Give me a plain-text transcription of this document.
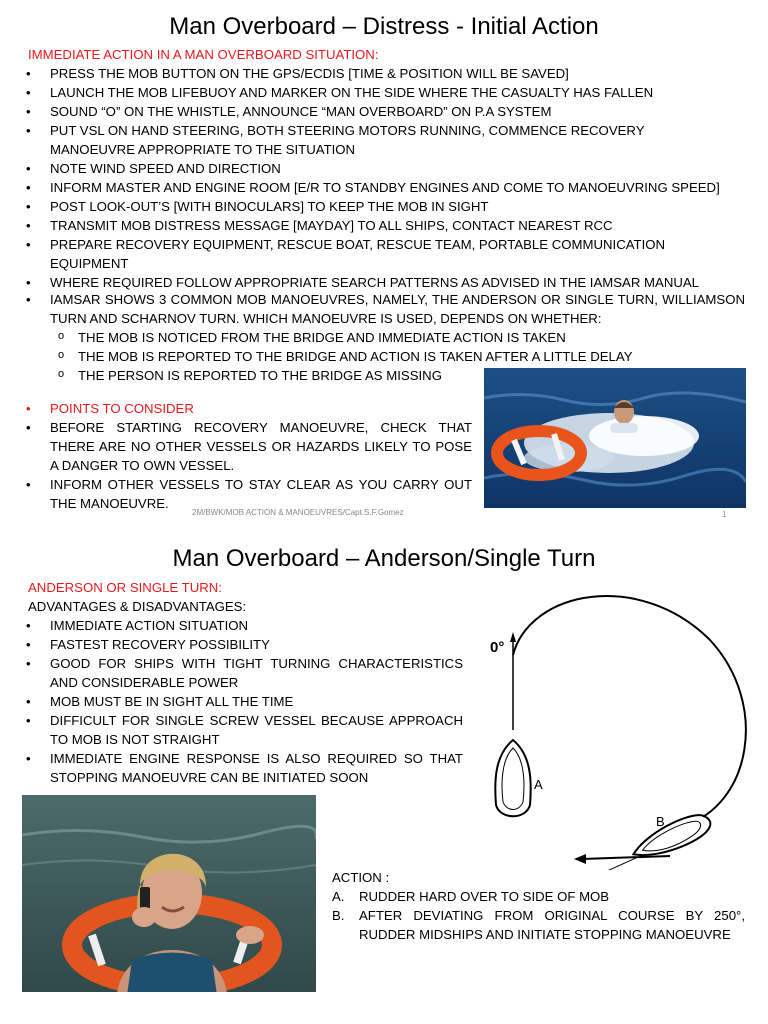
Man Overboard – Distress - Initial Action
IMMEDIATE ACTION IN A MAN OVERBOARD SITUATION:
• PRESS THE MOB BUTTON ON THE GPS/ECDIS [TIME & POSITION WILL BE SAVED]
• LAUNCH THE MOB LIFEBUOY AND MARKER ON THE SIDE WHERE THE CASUALTY HAS FALLEN
• SOUND “O” ON THE WHISTLE, ANNOUNCE “MAN OVERBOARD” ON P.A SYSTEM
• PUT VSL ON HAND STEERING, BOTH STEERING MOTORS RUNNING, COMMENCE RECOVERY MANOEUVRE APPROPRIATE TO THE SITUATION
• NOTE WIND SPEED AND DIRECTION
• INFORM MASTER AND ENGINE ROOM [E/R TO STANDBY ENGINES AND COME TO MANOEUVRING SPEED]
• POST LOOK-OUT’S [WITH BINOCULARS] TO KEEP THE MOB IN SIGHT
• TRANSMIT MOB DISTRESS MESSAGE [MAYDAY] TO ALL SHIPS, CONTACT NEAREST RCC
• PREPARE RECOVERY EQUIPMENT, RESCUE BOAT, RESCUE TEAM, PORTABLE COMMUNICATION EQUIPMENT
• WHERE REQUIRED FOLLOW APPROPRIATE SEARCH PATTERNS AS ADVISED IN THE IAMSAR MANUAL
• IAMSAR SHOWS 3 COMMON MOB MANOEUVRES, NAMELY, THE ANDERSON OR SINGLE TURN, WILLIAMSON TURN AND SCHARNOV TURN. WHICH MANOEUVRE IS USED, DEPENDS ON WHETHER:
o THE MOB IS NOTICED FROM THE BRIDGE AND IMMEDIATE ACTION IS TAKEN
o THE MOB IS REPORTED TO THE BRIDGE AND ACTION IS TAKEN AFTER A LITTLE DELAY
o THE PERSON IS REPORTED TO THE BRIDGE AS MISSING
• POINTS TO CONSIDER
• BEFORE STARTING RECOVERY MANOEUVRE, CHECK THAT THERE ARE NO OTHER VESSELS OR HAZARDS LIKELY TO POSE A DANGER TO OWN VESSEL.
• INFORM OTHER VESSELS TO STAY CLEAR AS YOU CARRY OUT THE MANOEUVRE.
2M/BWK/MOB ACTION & MANOEUVRES/Capt.S.F.Gomez	1
Man Overboard – Anderson/Single Turn
ANDERSON OR SINGLE TURN:
ADVANTAGES & DISADVANTAGES:
• IMMEDIATE ACTION SITUATION
• FASTEST RECOVERY POSSIBILITY
• GOOD FOR SHIPS WITH TIGHT TURNING CHARACTERISTICS AND CONSIDERABLE POWER
• MOB MUST BE IN SIGHT ALL THE TIME
• DIFFICULT FOR SINGLE SCREW VESSEL BECAUSE APPROACH TO MOB IS NOT STRAIGHT
• IMMEDIATE ENGINE RESPONSE IS ALSO REQUIRED SO THAT STOPPING MANOEUVRE CAN BE INITIATED SOON
0°
A
B
ACTION :
A. RUDDER HARD OVER TO SIDE OF MOB
B. AFTER DEVIATING FROM ORIGINAL COURSE BY 250°, RUDDER MIDSHIPS AND INITIATE STOPPING MANOEUVRE
